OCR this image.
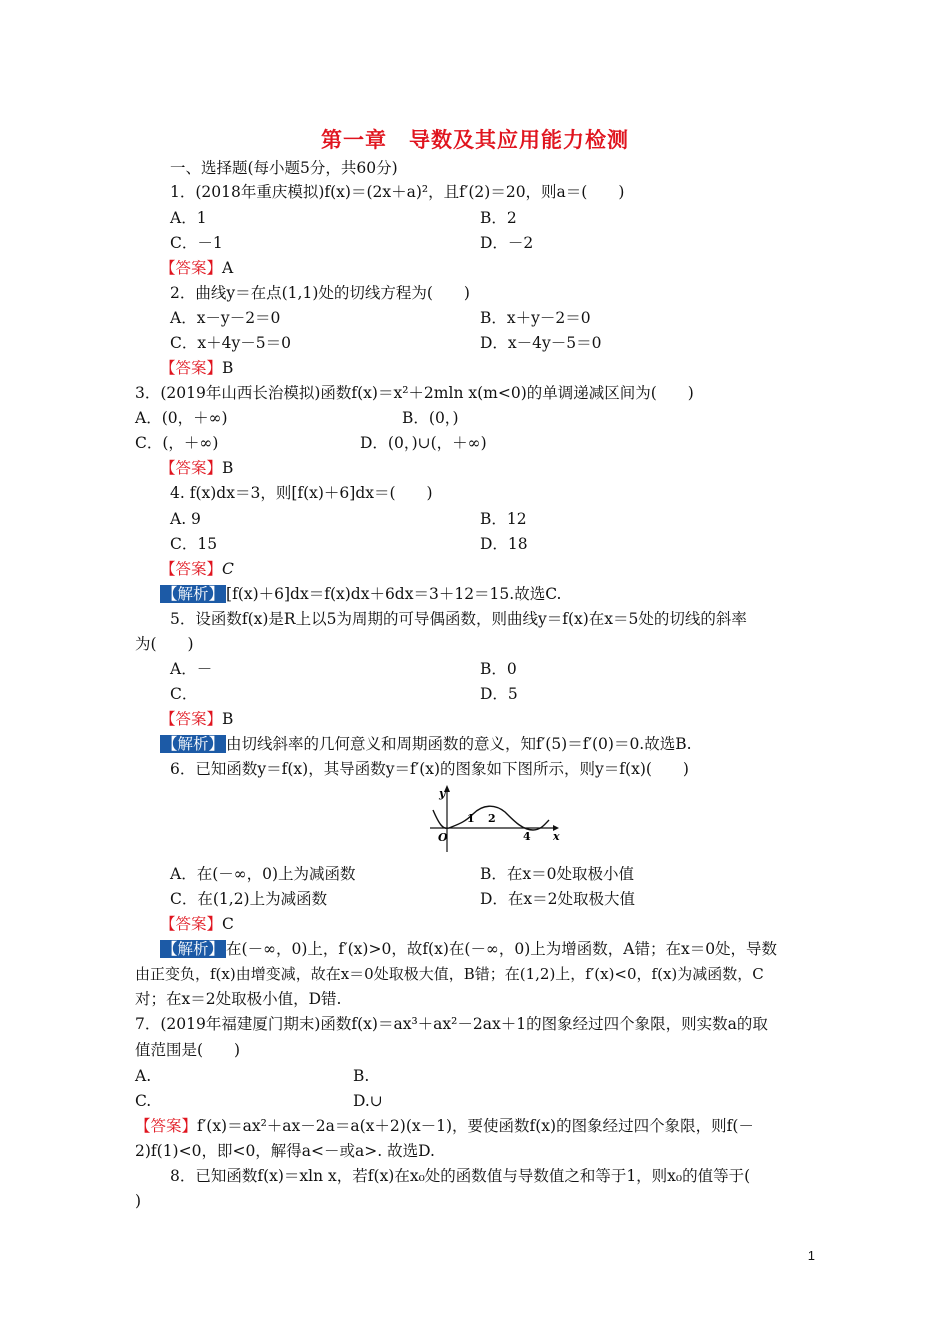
第一章　导数及其应用能力检测
一、选择题(每小题5分，共60分)
1．(2018年重庆模拟)f(x)＝(2x＋a)²，且f′(2)＝20，则a＝(　　)
A．1	B．2
C．－1	D．－2
【答案】A
2．曲线y＝在点(1,1)处的切线方程为(　　)
A．x－y－2＝0	B．x＋y－2＝0
C．x＋4y－5＝0	D．x－4y－5＝0
【答案】B
3．(2019年山西长治模拟)函数f(x)＝x²＋2mln x(m<0)的单调递减区间为(　　)
A．(0，＋∞)	B．(0，)
C．(，＋∞)	D．(0，)∪(，＋∞)
【答案】B
4. f(x)dx＝3，则[f(x)＋6]dx＝(　　)
A. 9	B．12
C．15	D．18
【答案】C
【解析】 [f(x)＋6]dx＝f(x)dx＋6dx＝3＋12＝15.故选C.
5．设函数f(x)是R上以5为周期的可导偶函数，则曲线y＝f(x)在x＝5处的切线的斜率
为(　　)
A．－	B．0
C．	D．5
【答案】B
【解析】 由切线斜率的几何意义和周期函数的意义，知f′(5)＝f′(0)＝0.故选B.
6．已知函数y＝f(x)，其导函数y＝f′(x)的图象如下图所示，则y＝f(x)(　　)
y
x
O
1 2
4
A．在(－∞，0)上为减函数	B．在x＝0处取极小值
C．在(1,2)上为减函数	D．在x＝2处取极大值
【答案】C
【解析】 在(－∞，0)上，f′(x)>0，故f(x)在(－∞，0)上为增函数，A错；在x＝0处，导数
由正变负，f(x)由增变减，故在x＝0处取极大值，B错；在(1,2)上，f′(x)<0，f(x)为减函数，C
对；在x＝2处取极小值，D错.
7．(2019年福建厦门期末)函数f(x)＝ax³＋ax²－2ax＋1的图象经过四个象限，则实数a的取
值范围是(　　)
A.	B.
C.	D.∪
【答案】f′(x)＝ax²＋ax－2a＝a(x＋2)(x－1)，要使函数f(x)的图象经过四个象限，则f(－
2)f(1)<0，即<0，解得a<－或a>. 故选D.
8．已知函数f(x)＝xln x，若f(x)在x₀处的函数值与导数值之和等于1，则x₀的值等于(
)
1
